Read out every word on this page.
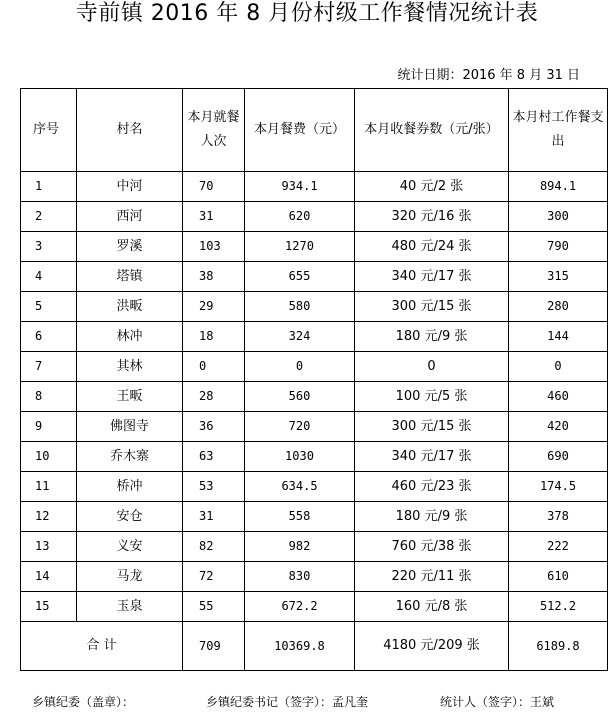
寺前镇 2016 年 8 月份村级工作餐情况统计表
统计日期：2016 年 8 月 31 日
序号	村名	本月就餐人次	本月餐费（元）	本月收餐券数（元/张）	本月村工作餐支出
1	中河	70	934.1	40 元/2 张	894.1
2	西河	31	620	320 元/16 张	300
3	罗溪	103	1270	480 元/24 张	790
4	塔镇	38	655	340 元/17 张	315
5	洪畈	29	580	300 元/15 张	280
6	林冲	18	324	180 元/9 张	144
7	其林	0	0	0	0
8	王畈	28	560	100 元/5 张	460
9	佛图寺	36	720	300 元/15 张	420
10	乔木寨	63	1030	340 元/17 张	690
11	桥冲	53	634.5	460 元/23 张	174.5
12	安仓	31	558	180 元/9 张	378
13	义安	82	982	760 元/38 张	222
14	马龙	72	830	220 元/11 张	610
15	玉泉	55	672.2	160 元/8 张	512.2
合 计		709	10369.8	4180 元/209 张	6189.8
乡镇纪委（盖章）：	乡镇纪委书记（签字）：孟凡奎	统计人（签字）：王斌
